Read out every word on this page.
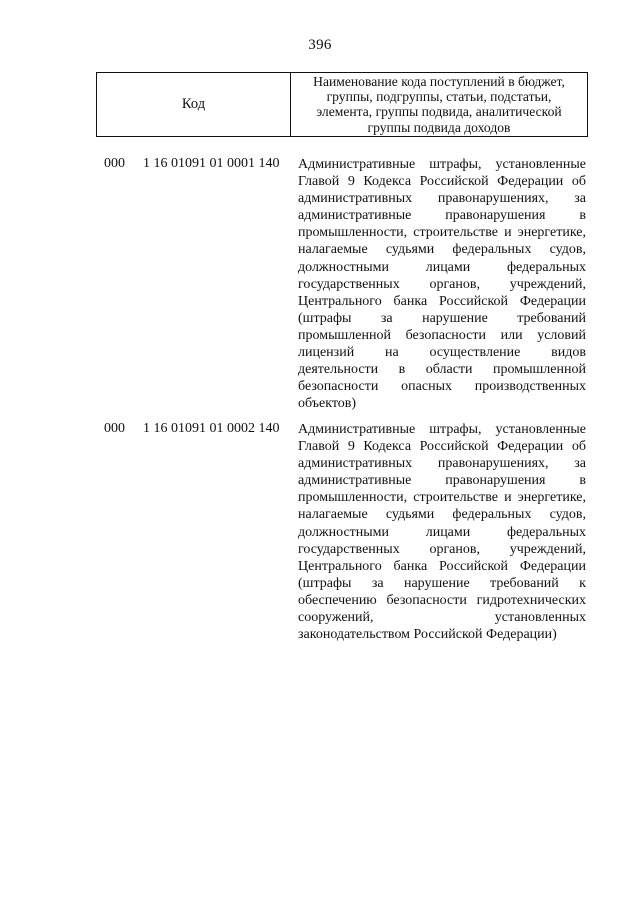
396
Код
Наименование кода поступлений в бюджет,
группы, подгруппы, статьи, подстатьи,
элемента, группы подвида, аналитической
группы подвида доходов
000 1 16 01091 01 0001 140 Административные штрафы, установленные
Главой 9 Кодекса Российской Федерации об
административных правонарушениях, за
административные правонарушения в
промышленности, строительстве и энергетике,
налагаемые судьями федеральных судов,
должностными лицами федеральных
государственных органов, учреждений,
Центрального банка Российской Федерации
(штрафы за нарушение требований
промышленной безопасности или условий
лицензий на осуществление видов
деятельности в области промышленной
безопасности опасных производственных
объектов)
000 1 16 01091 01 0002 140 Административные штрафы, установленные
Главой 9 Кодекса Российской Федерации об
административных правонарушениях, за
административные правонарушения в
промышленности, строительстве и энергетике,
налагаемые судьями федеральных судов,
должностными лицами федеральных
государственных органов, учреждений,
Центрального банка Российской Федерации
(штрафы за нарушение требований к
обеспечению безопасности гидротехнических
сооружений, установленных
законодательством Российской Федерации)
